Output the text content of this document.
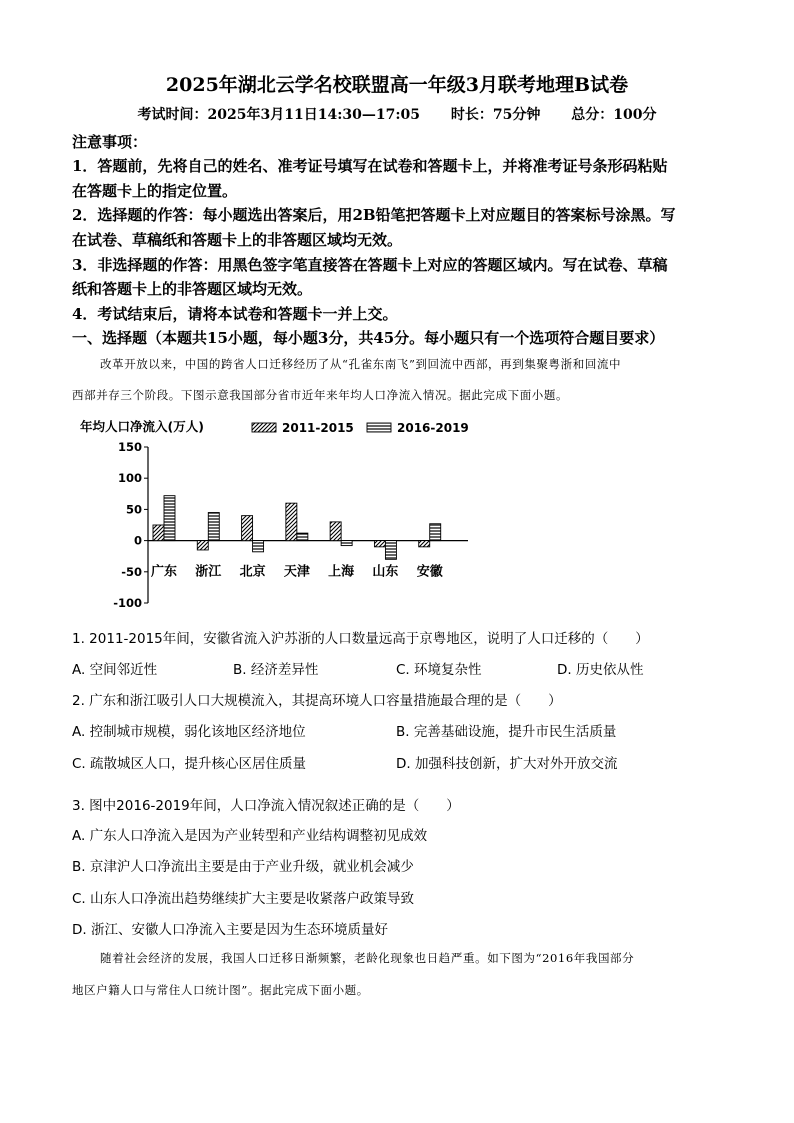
2025年湖北云学名校联盟高一年级3月联考地理B试卷
考试时间：2025年3月11日14:30—17:05 时长：75分钟 总分：100分
注意事项：
1．答题前，先将自己的姓名、准考证号填写在试卷和答题卡上，并将准考证号条形码粘贴
在答题卡上的指定位置。
2．选择题的作答：每小题选出答案后，用2B铅笔把答题卡上对应题目的答案标号涂黑。写
在试卷、草稿纸和答题卡上的非答题区域均无效。
3．非选择题的作答：用黑色签字笔直接答在答题卡上对应的答题区域内。写在试卷、草稿
纸和答题卡上的非答题区域均无效。
4．考试结束后，请将本试卷和答题卡一并上交。
一、选择题（本题共15小题，每小题3分，共45分。每小题只有一个选项符合题目要求）
改革开放以来，中国的跨省人口迁移经历了从“孔雀东南飞”到回流中西部，再到集聚粤浙和回流中
西部并存三个阶段。下图示意我国部分省市近年来年均人口净流入情况。据此完成下面小题。
年均人口净流入(万人)	2011-2015	2016-2019
150
100
50
0
-50
-100
广东 浙江 北京 天津 上海 山东 安徽
1. 2011-2015年间，安徽省流入沪苏浙的人口数量远高于京粤地区，说明了人口迁移的（　　）
A. 空间邻近性	B. 经济差异性	C. 环境复杂性	D. 历史依从性
2. 广东和浙江吸引人口大规模流入，其提高环境人口容量措施最合理的是（　　）
A. 控制城市规模，弱化该地区经济地位	B. 完善基础设施，提升市民生活质量
C. 疏散城区人口，提升核心区居住质量	D. 加强科技创新，扩大对外开放交流
3. 图中2016-2019年间，人口净流入情况叙述正确的是（　　）
A. 广东人口净流入是因为产业转型和产业结构调整初见成效
B. 京津沪人口净流出主要是由于产业升级，就业机会减少
C. 山东人口净流出趋势继续扩大主要是收紧落户政策导致
D. 浙江、安徽人口净流入主要是因为生态环境质量好
随着社会经济的发展，我国人口迁移日渐频繁，老龄化现象也日趋严重。如下图为“2016年我国部分
地区户籍人口与常住人口统计图”。据此完成下面小题。
